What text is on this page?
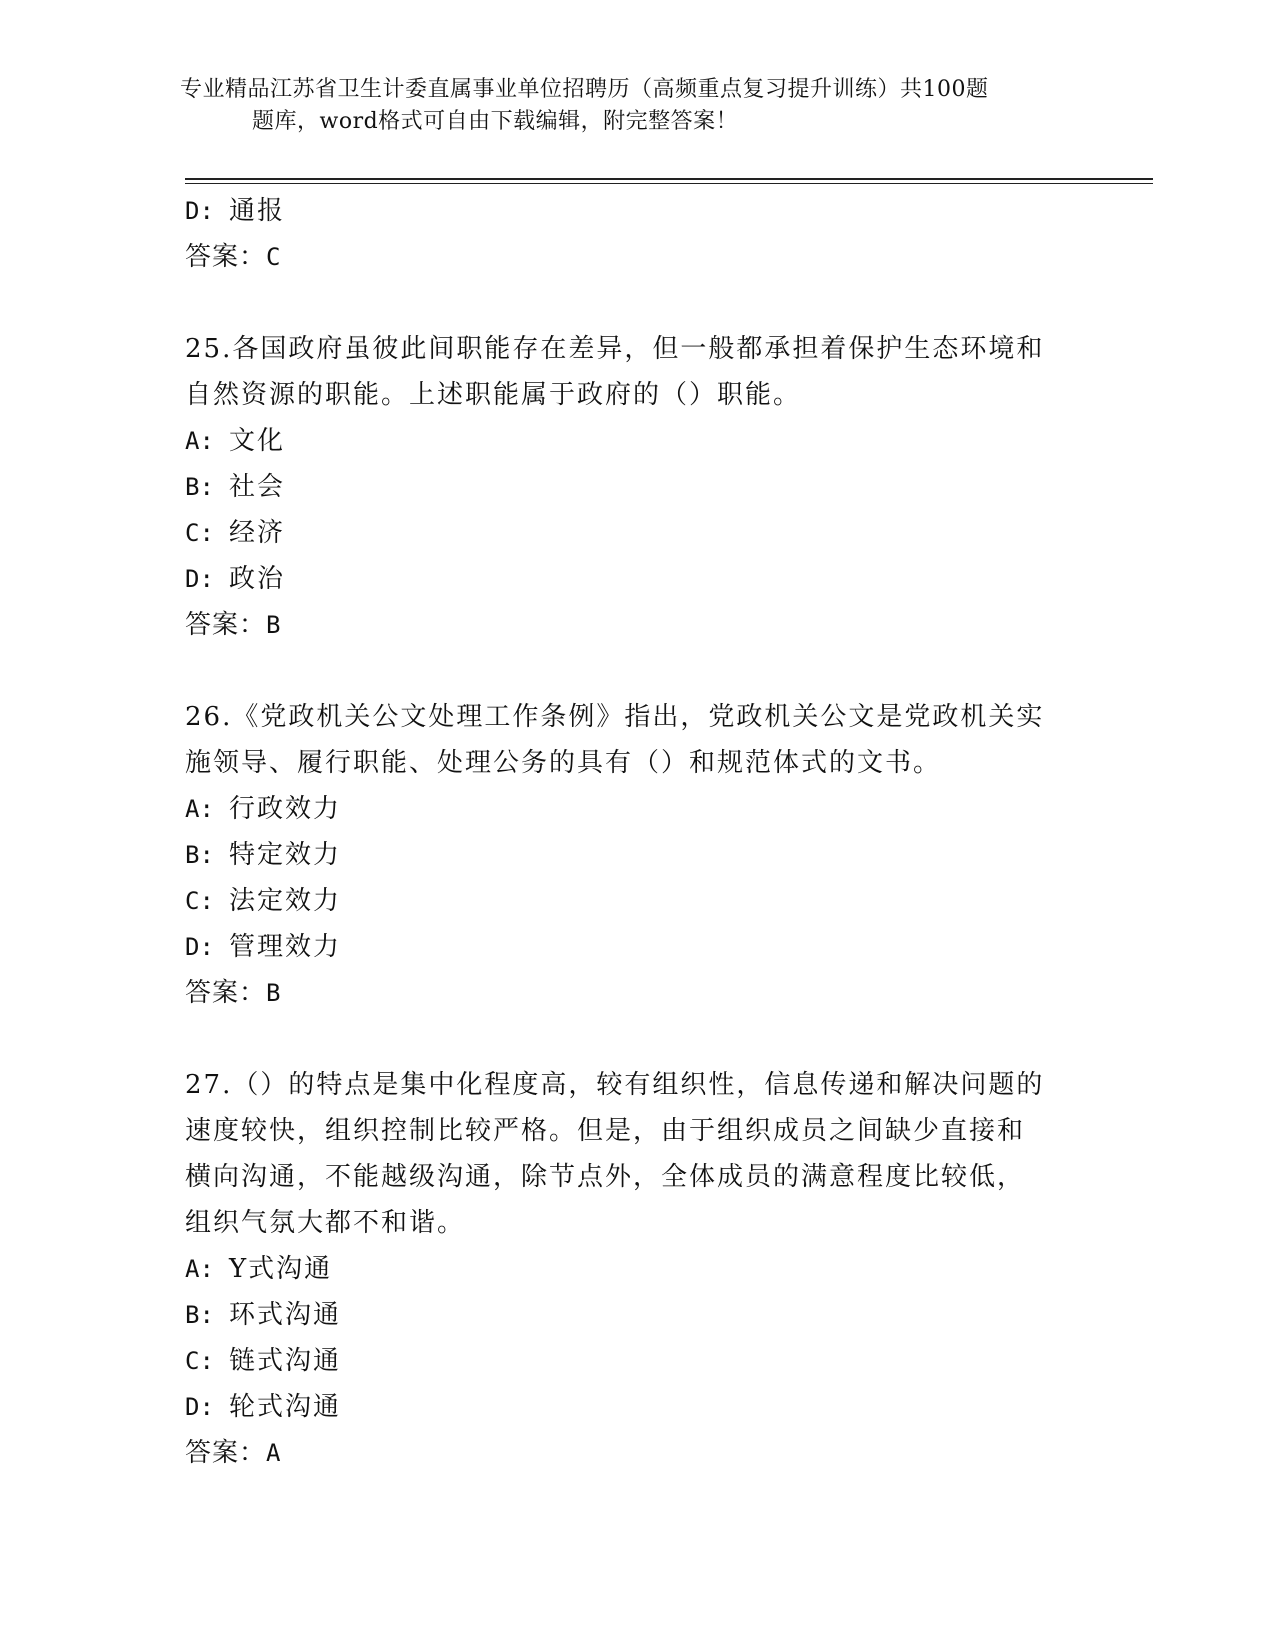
专业精品江苏省卫生计委直属事业单位招聘历（高频重点复习提升训练）共100题
题库，word格式可自由下载编辑，附完整答案！

D: 通报

答案：C

25.各国政府虽彼此间职能存在差异，但一般都承担着保护生态环境和

自然资源的职能。上述职能属于政府的（）职能。

A: 文化

B: 社会

C: 经济

D: 政治

答案：B

26.《党政机关公文处理工作条例》指出，党政机关公文是党政机关实

施领导、履行职能、处理公务的具有（）和规范体式的文书。

A: 行政效力

B: 特定效力

C: 法定效力

D: 管理效力

答案：B

27.（）的特点是集中化程度高，较有组织性，信息传递和解决问题的

速度较快，组织控制比较严格。但是，由于组织成员之间缺少直接和

横向沟通，不能越级沟通，除节点外，全体成员的满意程度比较低，

组织气氛大都不和谐。

A: Y式沟通

B: 环式沟通

C: 链式沟通

D: 轮式沟通

答案：A
